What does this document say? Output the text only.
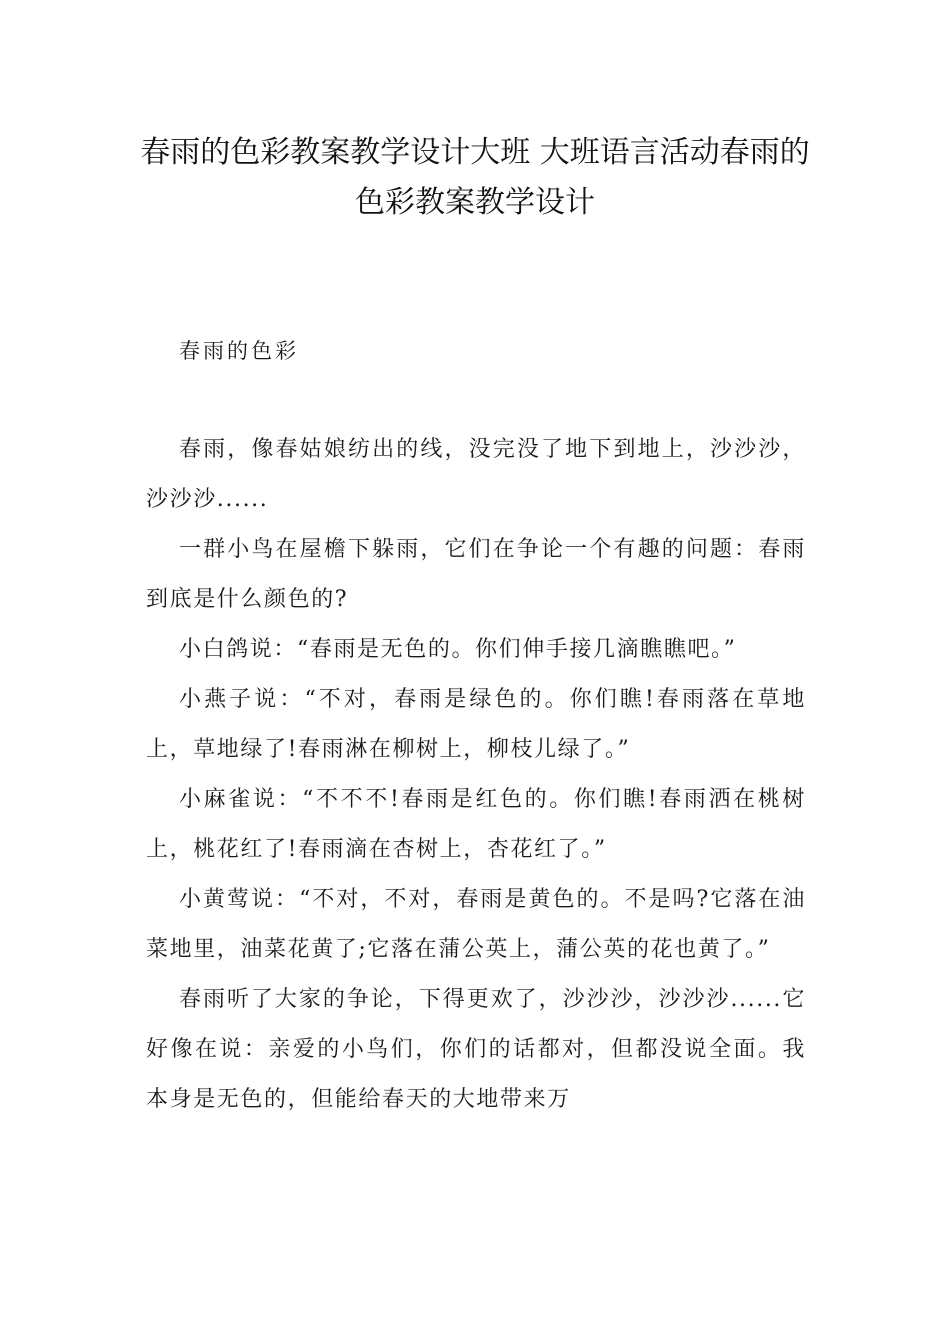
春雨的色彩教案教学设计大班 大班语言活动春雨的
色彩教案教学设计
春雨的色彩

春雨，像春姑娘纺出的线，没完没了地下到地上，沙沙沙，沙沙沙......

一群小鸟在屋檐下躲雨，它们在争论一个有趣的问题：春雨到底是什么颜色的?

小白鸽说：“春雨是无色的。你们伸手接几滴瞧瞧吧。”

小燕子说：“不对，春雨是绿色的。你们瞧!春雨落在草地上，草地绿了!春雨淋在柳树上，柳枝儿绿了。”

小麻雀说：“不不不!春雨是红色的。你们瞧!春雨洒在桃树上，桃花红了!春雨滴在杏树上，杏花红了。”

小黄莺说：“不对，不对，春雨是黄色的。不是吗?它落在油菜地里，油菜花黄了;它落在蒲公英上，蒲公英的花也黄了。”

春雨听了大家的争论，下得更欢了，沙沙沙，沙沙沙......它好像在说：亲爱的小鸟们，你们的话都对，但都没说全面。我本身是无色的，但能给春天的大地带来万
